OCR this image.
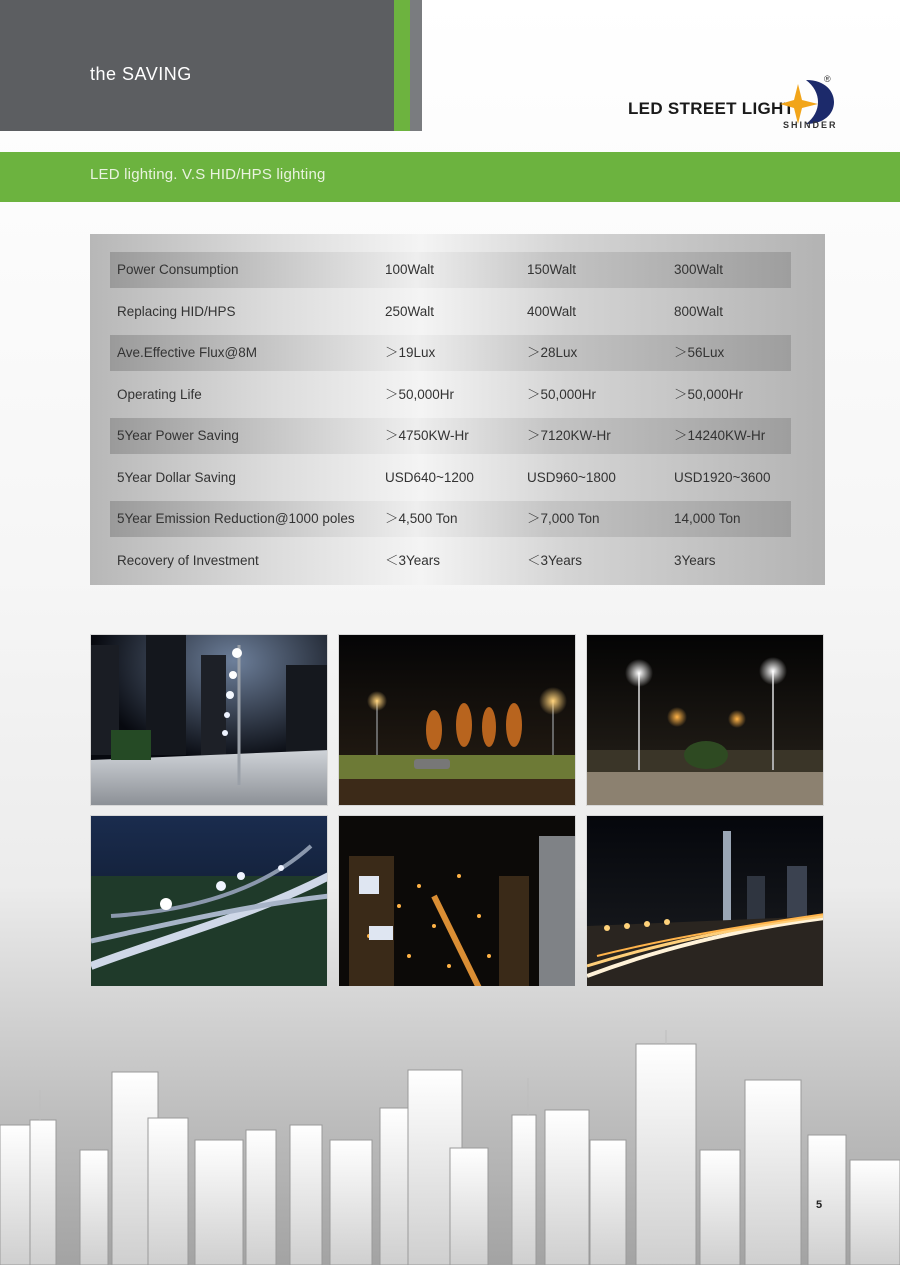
the SAVING
LED STREET LIGHT
®
SHINDER
LED lighting. V.S HID/HPS lighting
Power Consumption	100Walt	150Walt	300Walt
Replacing HID/HPS	250Walt	400Walt	800Walt
Ave.Effective Flux@8M	＞19Lux	＞28Lux	＞56Lux
Operating Life	＞50,000Hr	＞50,000Hr	＞50,000Hr
5Year Power Saving	＞4750KW-Hr	＞7120KW-Hr	＞14240KW-Hr
5Year Dollar Saving	USD640~1200	USD960~1800	USD1920~3600
5Year Emission Reduction@1000 poles ＞4,500 Ton	＞7,000 Ton	14,000 Ton
Recovery of Investment	＜3Years	＜3Years	3Years
5
